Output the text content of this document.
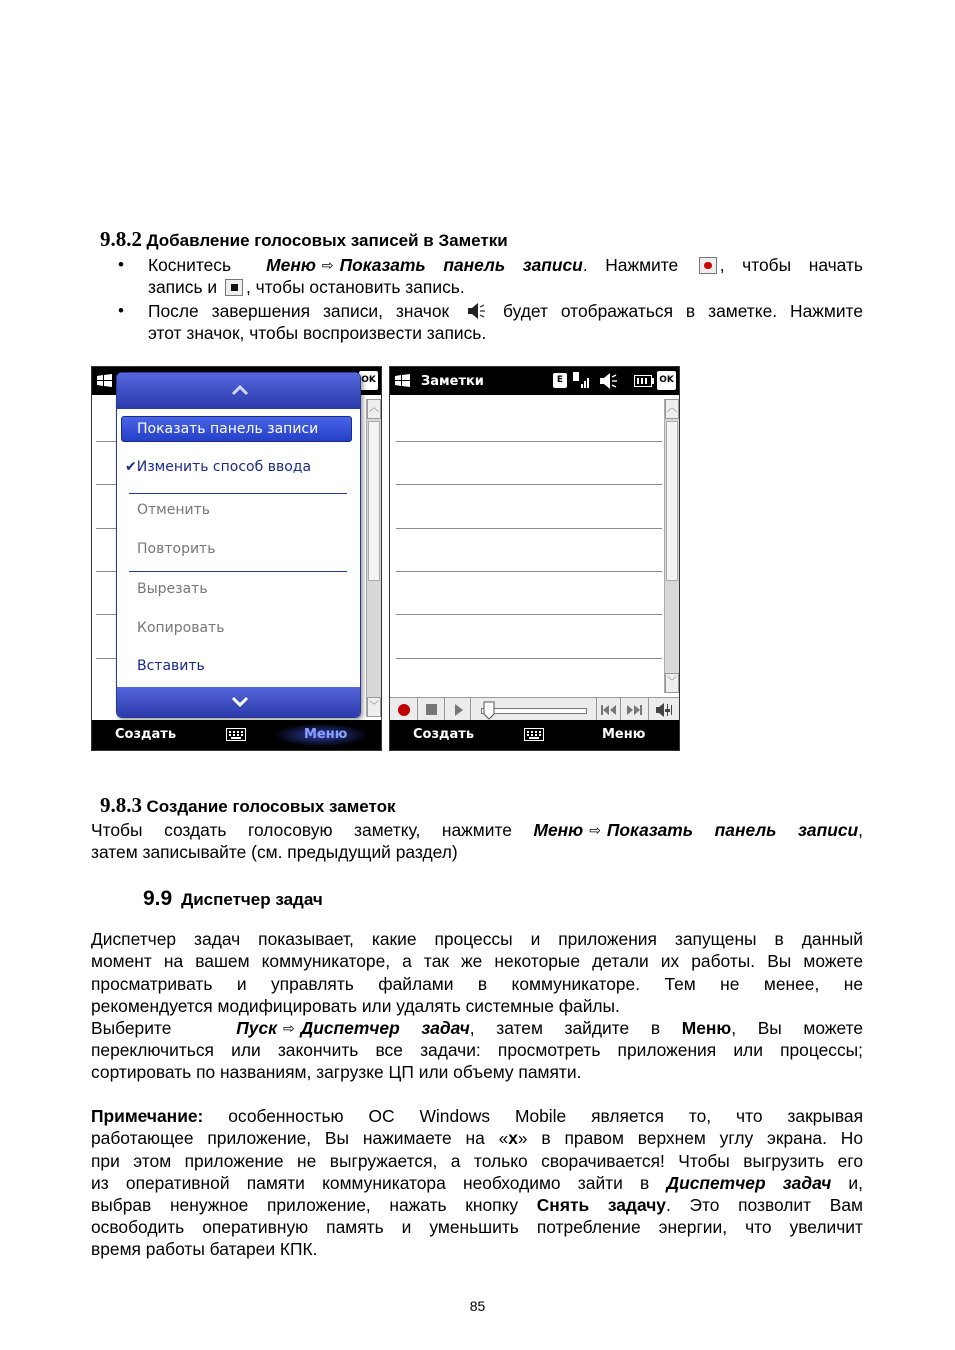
9.8.2 Добавление голосовых записей в Заметки
• Коснитесь Меню ⇨ Показать панель записи. Нажмите , чтобы начать
запись и , чтобы остановить запись.
• После завершения записи, значок	будет отображаться в заметке. Нажмите
этот значок, чтобы воспроизвести запись.
OK
︿
﹀
Показать панель записи
✔Изменить способ ввода
Отменить
Повторить
Вырезать
Копировать
Вставить
Создать	Меню
Заметки	E	OK
︿
﹀
Создать	Меню
9.8.3 Создание голосовых заметок
Чтобы создать голосовую заметку, нажмите Меню ⇨ Показать панель записи,
затем записывайте (см. предыдущий раздел)
9.9 Диспетчер задач
Диспетчер задач показывает, какие процессы и приложения запущены в данный
момент на вашем коммуникаторе, а так же некоторые детали их работы. Вы можете
просматривать и управлять файлами в коммуникаторе. Тем не менее, не
рекомендуется модифицировать или удалять системные файлы.
Выберите	Пуск ⇨ Диспетчер задач, затем зайдите в Меню, Вы можете
переключиться или закончить все задачи: просмотреть приложения или процессы;
сортировать по названиям, загрузке ЦП или объему памяти.
Примечание: особенностью ОС Windows Mobile является то, что закрывая
работающее приложение, Вы нажимаете на «x» в правом верхнем углу экрана. Но
при этом приложение не выгружается, а только сворачивается! Чтобы выгрузить его
из оперативной памяти коммуникатора необходимо зайти в Диспетчер задач и,
выбрав ненужное приложение, нажать кнопку Снять задачу. Это позволит Вам
освободить оперативную память и уменьшить потребление энергии, что увеличит
время работы батареи КПК.
85
